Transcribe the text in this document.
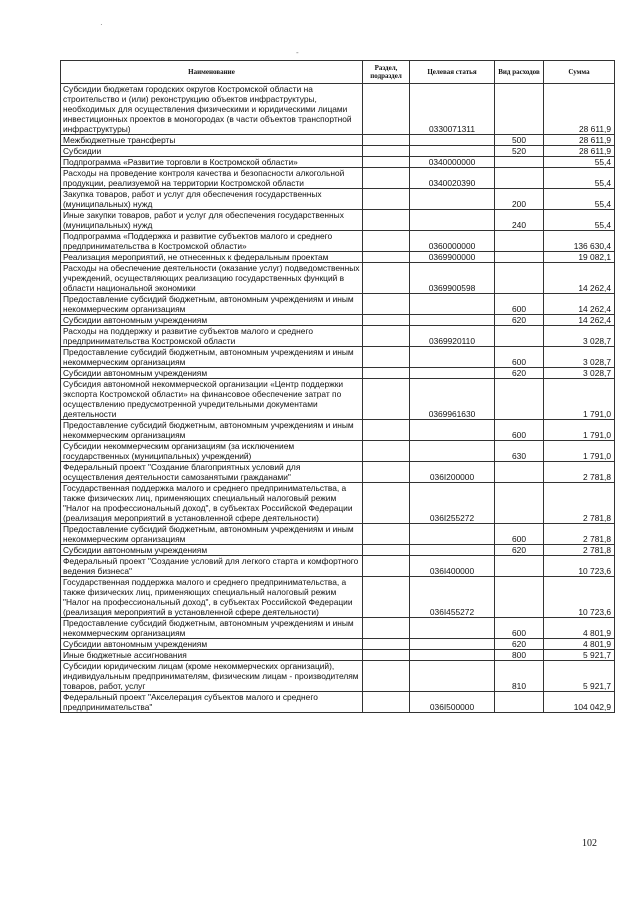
·
-
Наименование	Раздел, подраздел	Целевая статья	Вид расходов	Сумма
Субсидии бюджетам городских округов Костромской области на строительство и (или) реконструкцию объектов инфраструктуры, необходимых для осуществления физическими и юридическими лицами инвестиционных проектов в моногородах (в части объектов транспортной инфраструктуры)		0330071311		28 611,9
Межбюджетные трансферты			500	28 611,9
Субсидии			520	28 611,9
Подпрограмма «Развитие торговли в Костромской области»		0340000000		55,4
Расходы на проведение контроля качества и безопасности алкогольной продукции, реализуемой на территории Костромской области		0340020390		55,4
Закупка товаров, работ и услуг для обеспечения государственных (муниципальных) нужд			200	55,4
Иные закупки товаров, работ и услуг для обеспечения государственных (муниципальных) нужд			240	55,4
Подпрограмма «Поддержка и развитие субъектов малого и среднего предпринимательства в Костромской области»		0360000000		136 630,4
Реализация мероприятий, не отнесенных к федеральным проектам		0369900000		19 082,1
Расходы на обеспечение деятельности (оказание услуг) подведомственных учреждений, осуществляющих реализацию государственных функций в области национальной экономики		0369900598		14 262,4
Предоставление субсидий бюджетным, автономным учреждениям и иным некоммерческим организациям			600	14 262,4
Субсидии автономным учреждениям			620	14 262,4
Расходы на поддержку и развитие субъектов малого и среднего предпринимательства Костромской области		0369920110		3 028,7
Предоставление субсидий бюджетным, автономным учреждениям и иным некоммерческим организациям			600	3 028,7
Субсидии автономным учреждениям			620	3 028,7
Субсидия автономной некоммерческой организации «Центр поддержки экспорта Костромской области» на финансовое обеспечение затрат по осуществлению предусмотренной учредительными документами деятельности		0369961630		1 791,0
Предоставление субсидий бюджетным, автономным учреждениям и иным некоммерческим организациям			600	1 791,0
Субсидии некоммерческим организациям (за исключением государственных (муниципальных) учреждений)			630	1 791,0
Федеральный проект "Создание благоприятных условий для осуществления деятельности самозанятыми гражданами"		036I200000		2 781,8
Государственная поддержка малого и среднего предпринимательства, а также физических лиц, применяющих специальный налоговый режим "Налог на профессиональный доход", в субъектах Российской Федерации (реализация мероприятий в установленной сфере деятельности)		036I255272		2 781,8
Предоставление субсидий бюджетным, автономным учреждениям и иным некоммерческим организациям			600	2 781,8
Субсидии автономным учреждениям			620	2 781,8
Федеральный проект "Создание условий для легкого старта и комфортного ведения бизнеса"		036I400000		10 723,6
Государственная поддержка малого и среднего предпринимательства, а также физических лиц, применяющих специальный налоговый режим "Налог на профессиональный доход", в субъектах Российской Федерации (реализация мероприятий в установленной сфере деятельности)		036I455272		10 723,6
Предоставление субсидий бюджетным, автономным учреждениям и иным некоммерческим организациям			600	4 801,9
Субсидии автономным учреждениям			620	4 801,9
Иные бюджетные ассигнования			800	5 921,7
Субсидии юридическим лицам (кроме некоммерческих организаций), индивидуальным предпринимателям, физическим лицам - производителям товаров, работ, услуг			810	5 921,7
Федеральный проект "Акселерация субъектов малого и среднего предпринимательства"		036I500000		104 042,9
102
